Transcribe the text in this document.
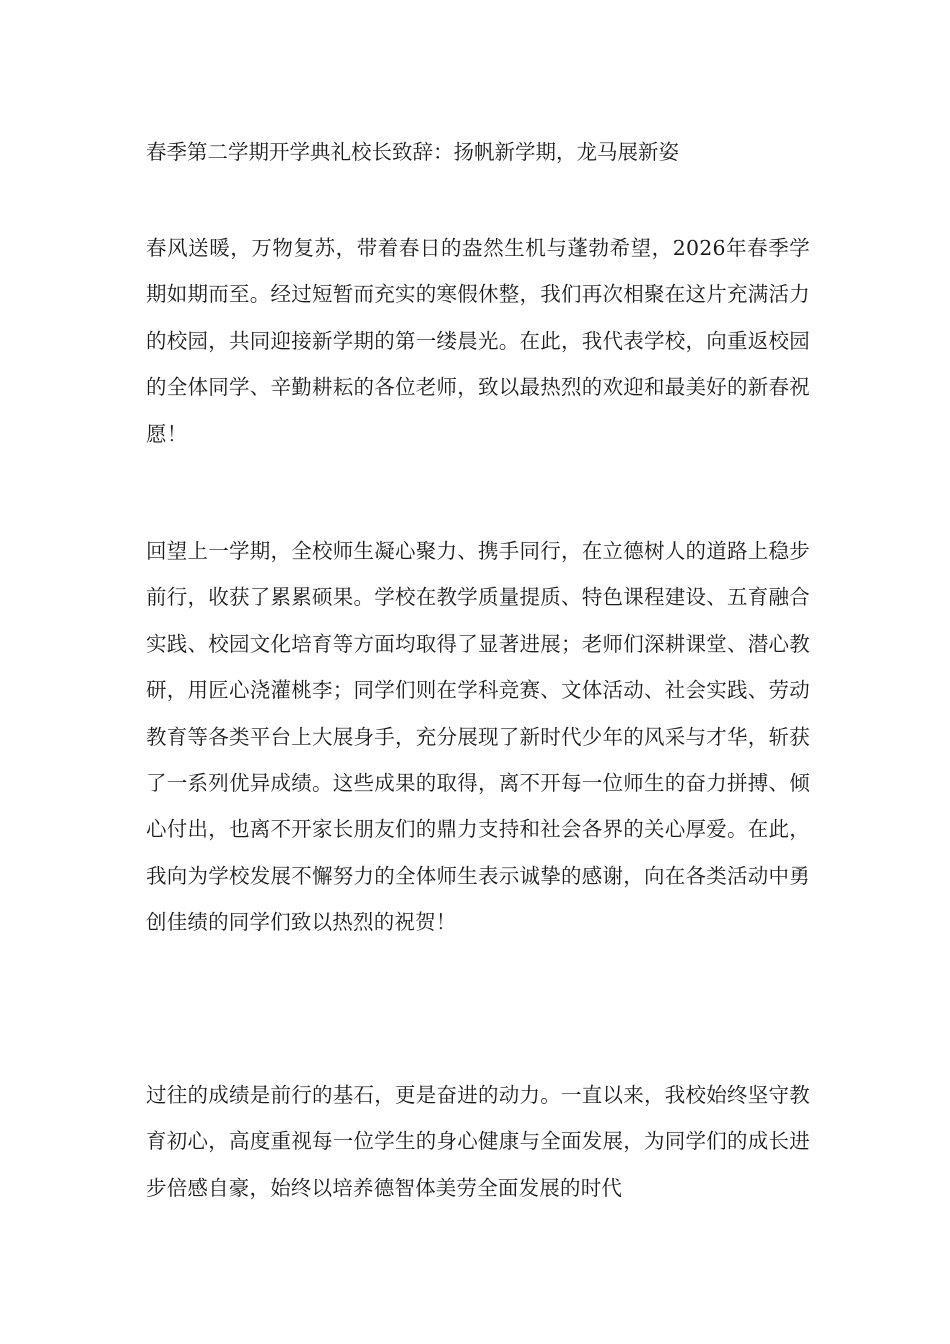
春季第二学期开学典礼校长致辞：扬帆新学期，龙马展新姿

春风送暖，万物复苏，带着春日的盎然生机与蓬勃希望，2026年春季学期如期而至。经过短暂而充实的寒假休整，我们再次相聚在这片充满活力的校园，共同迎接新学期的第一缕晨光。在此，我代表学校，向重返校园的全体同学、辛勤耕耘的各位老师，致以最热烈的欢迎和最美好的新春祝愿！

回望上一学期，全校师生凝心聚力、携手同行，在立德树人的道路上稳步前行，收获了累累硕果。学校在教学质量提质、特色课程建设、五育融合实践、校园文化培育等方面均取得了显著进展；老师们深耕课堂、潜心教研，用匠心浇灌桃李；同学们则在学科竞赛、文体活动、社会实践、劳动教育等各类平台上大展身手，充分展现了新时代少年的风采与才华，斩获了一系列优异成绩。这些成果的取得，离不开每一位师生的奋力拼搏、倾心付出，也离不开家长朋友们的鼎力支持和社会各界的关心厚爱。在此，我向为学校发展不懈努力的全体师生表示诚挚的感谢，向在各类活动中勇创佳绩的同学们致以热烈的祝贺！

过往的成绩是前行的基石，更是奋进的动力。一直以来，我校始终坚守教育初心，高度重视每一位学生的身心健康与全面发展，为同学们的成长进步倍感自豪，始终以培养德智体美劳全面发展的时代
